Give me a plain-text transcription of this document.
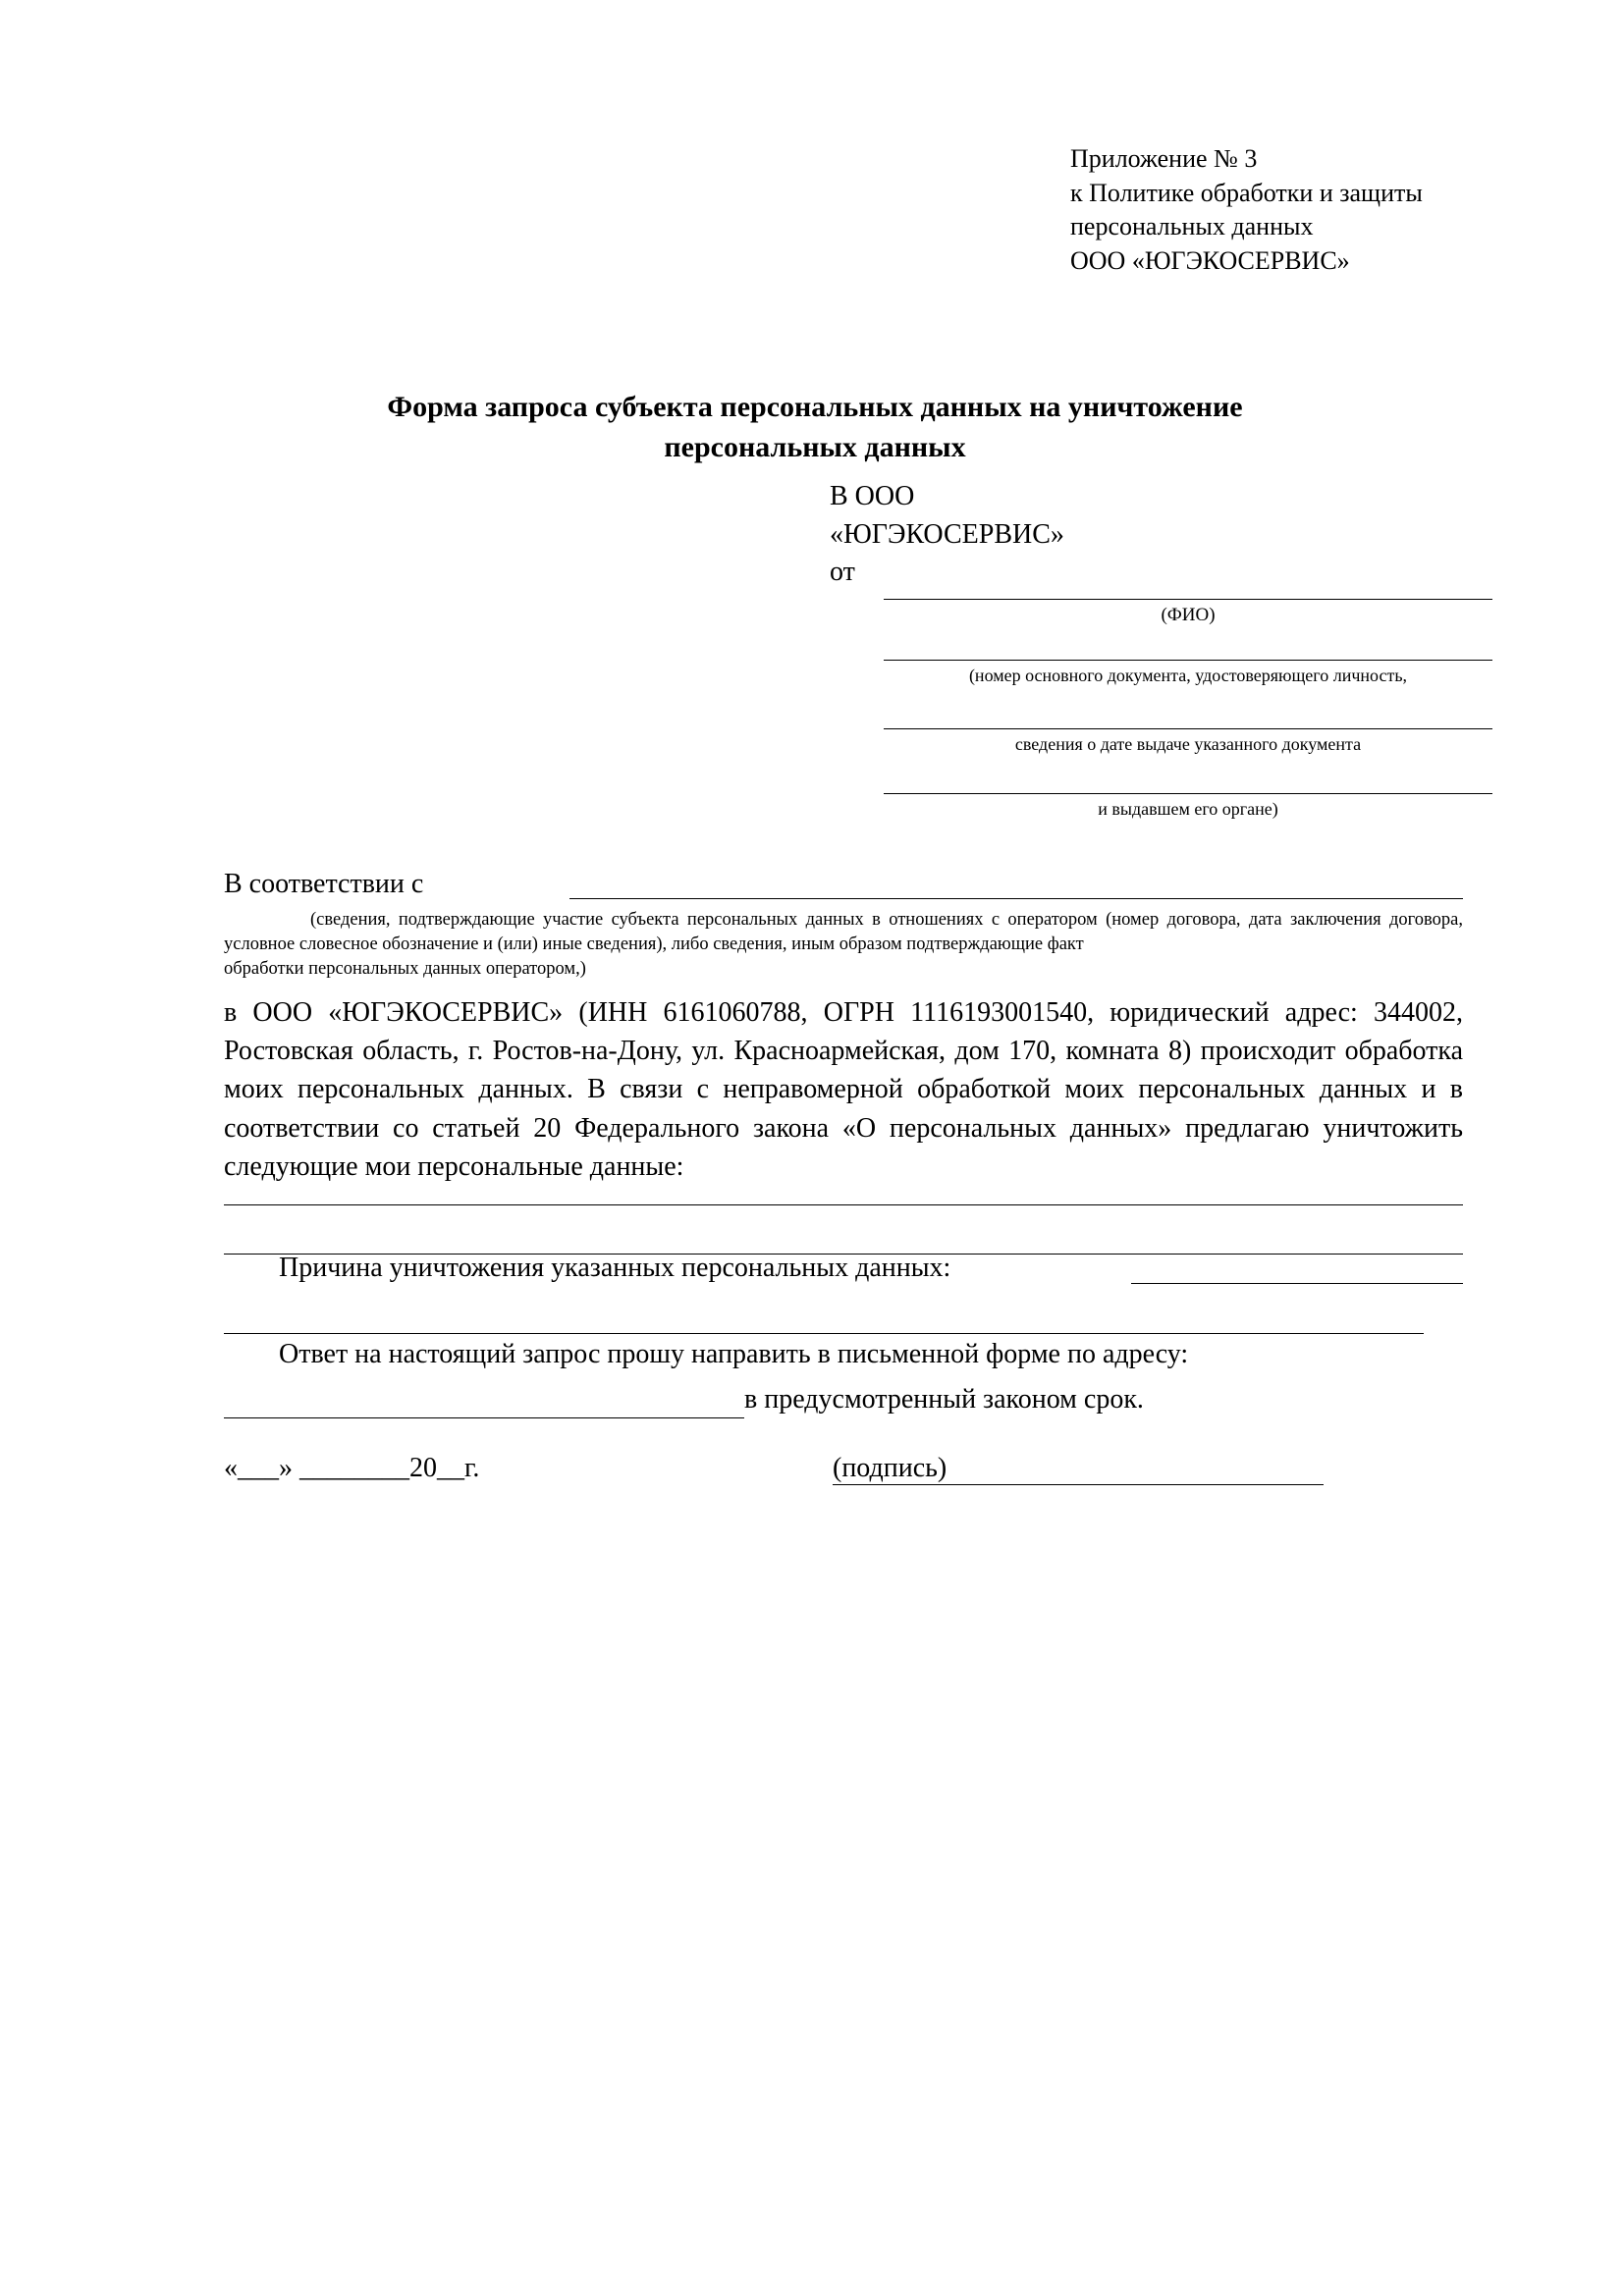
Приложение № 3
к Политике обработки и защиты
персональных данных
ООО «ЮГЭКОСЕРВИС»
Форма запроса субъекта персональных данных на уничтожение
персональных данных
В ООО
«ЮГЭКОСЕРВИС»
от
(ФИО)
(номер основного документа, удостоверяющего личность,
сведения о дате выдаче указанного документа
и выдавшем его органе)
В соответствии с
(сведения, подтверждающие участие субъекта персональных данных в отношениях с оператором (номер договора, дата заключения договора, условное словесное обозначение и (или) иные сведения), либо сведения, иным образом подтверждающие факт
обработки персональных данных оператором,)
в ООО «ЮГЭКОСЕРВИС» (ИНН 6161060788, ОГРН 1116193001540, юридический адрес: 344002, Ростовская область, г. Ростов-на-Дону, ул. Красноармейская, дом 170, комната 8) происходит обработка моих персональных данных. В связи с неправомерной обработкой моих персональных данных и в соответствии со статьей 20 Федерального закона «О персональных данных» предлагаю уничтожить следующие мои персональные данные:
Причина уничтожения указанных персональных данных:
Ответ на настоящий запрос прошу направить в письменной форме по адресу:
в предусмотренный законом срок.
«___» ________20__г.	(подпись)
